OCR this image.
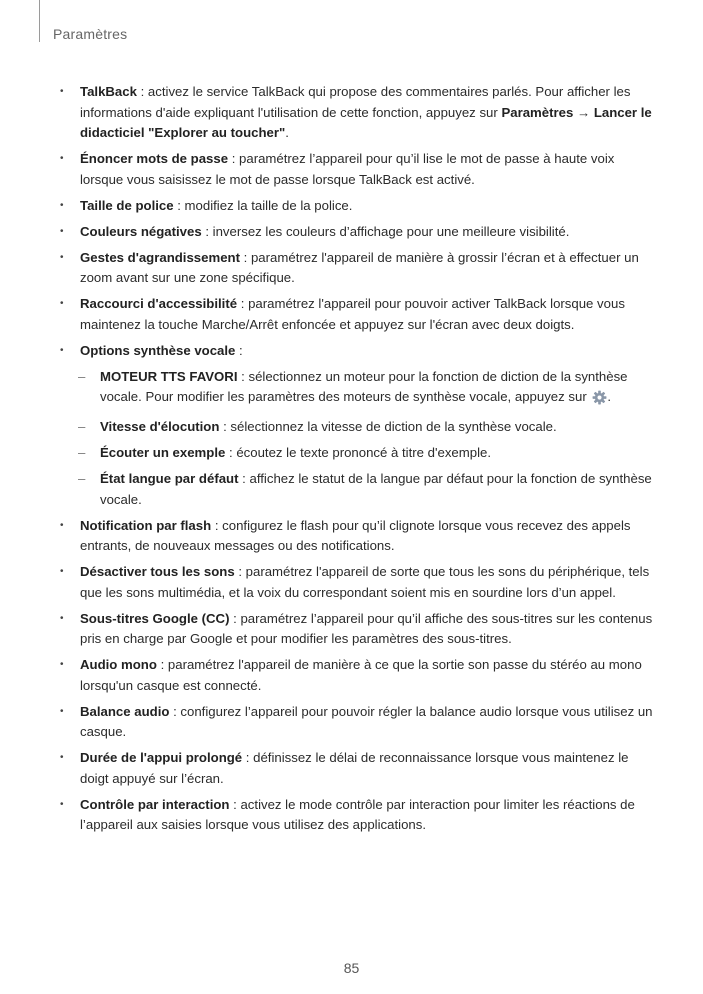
Paramètres
• TalkBack : activez le service TalkBack qui propose des commentaires parlés. Pour afficher les informations d'aide expliquant l'utilisation de cette fonction, appuyez sur Paramètres → Lancer le didacticiel "Explorer au toucher".
• Énoncer mots de passe : paramétrez l’appareil pour qu’il lise le mot de passe à haute voix lorsque vous saisissez le mot de passe lorsque TalkBack est activé.
• Taille de police : modifiez la taille de la police.
• Couleurs négatives : inversez les couleurs d’affichage pour une meilleure visibilité.
• Gestes d'agrandissement : paramétrez l'appareil de manière à grossir l’écran et à effectuer un zoom avant sur une zone spécifique.
• Raccourci d'accessibilité : paramétrez l'appareil pour pouvoir activer TalkBack lorsque vous maintenez la touche Marche/Arrêt enfoncée et appuyez sur l'écran avec deux doigts.
• Options synthèse vocale :
– MOTEUR TTS FAVORI : sélectionnez un moteur pour la fonction de diction de la synthèse vocale. Pour modifier les paramètres des moteurs de synthèse vocale, appuyez sur .
– Vitesse d'élocution : sélectionnez la vitesse de diction de la synthèse vocale.
– Écouter un exemple : écoutez le texte prononcé à titre d'exemple.
– État langue par défaut : affichez le statut de la langue par défaut pour la fonction de synthèse vocale.
• Notification par flash : configurez le flash pour qu’il clignote lorsque vous recevez des appels entrants, de nouveaux messages ou des notifications.
• Désactiver tous les sons : paramétrez l'appareil de sorte que tous les sons du périphérique, tels que les sons multimédia, et la voix du correspondant soient mis en sourdine lors d’un appel.
• Sous-titres Google (CC) : paramétrez l’appareil pour qu’il affiche des sous-titres sur les contenus pris en charge par Google et pour modifier les paramètres des sous-titres.
• Audio mono : paramétrez l'appareil de manière à ce que la sortie son passe du stéréo au mono lorsqu'un casque est connecté.
• Balance audio : configurez l’appareil pour pouvoir régler la balance audio lorsque vous utilisez un casque.
• Durée de l'appui prolongé : définissez le délai de reconnaissance lorsque vous maintenez le doigt appuyé sur l’écran.
• Contrôle par interaction : activez le mode contrôle par interaction pour limiter les réactions de l’appareil aux saisies lorsque vous utilisez des applications.
85
